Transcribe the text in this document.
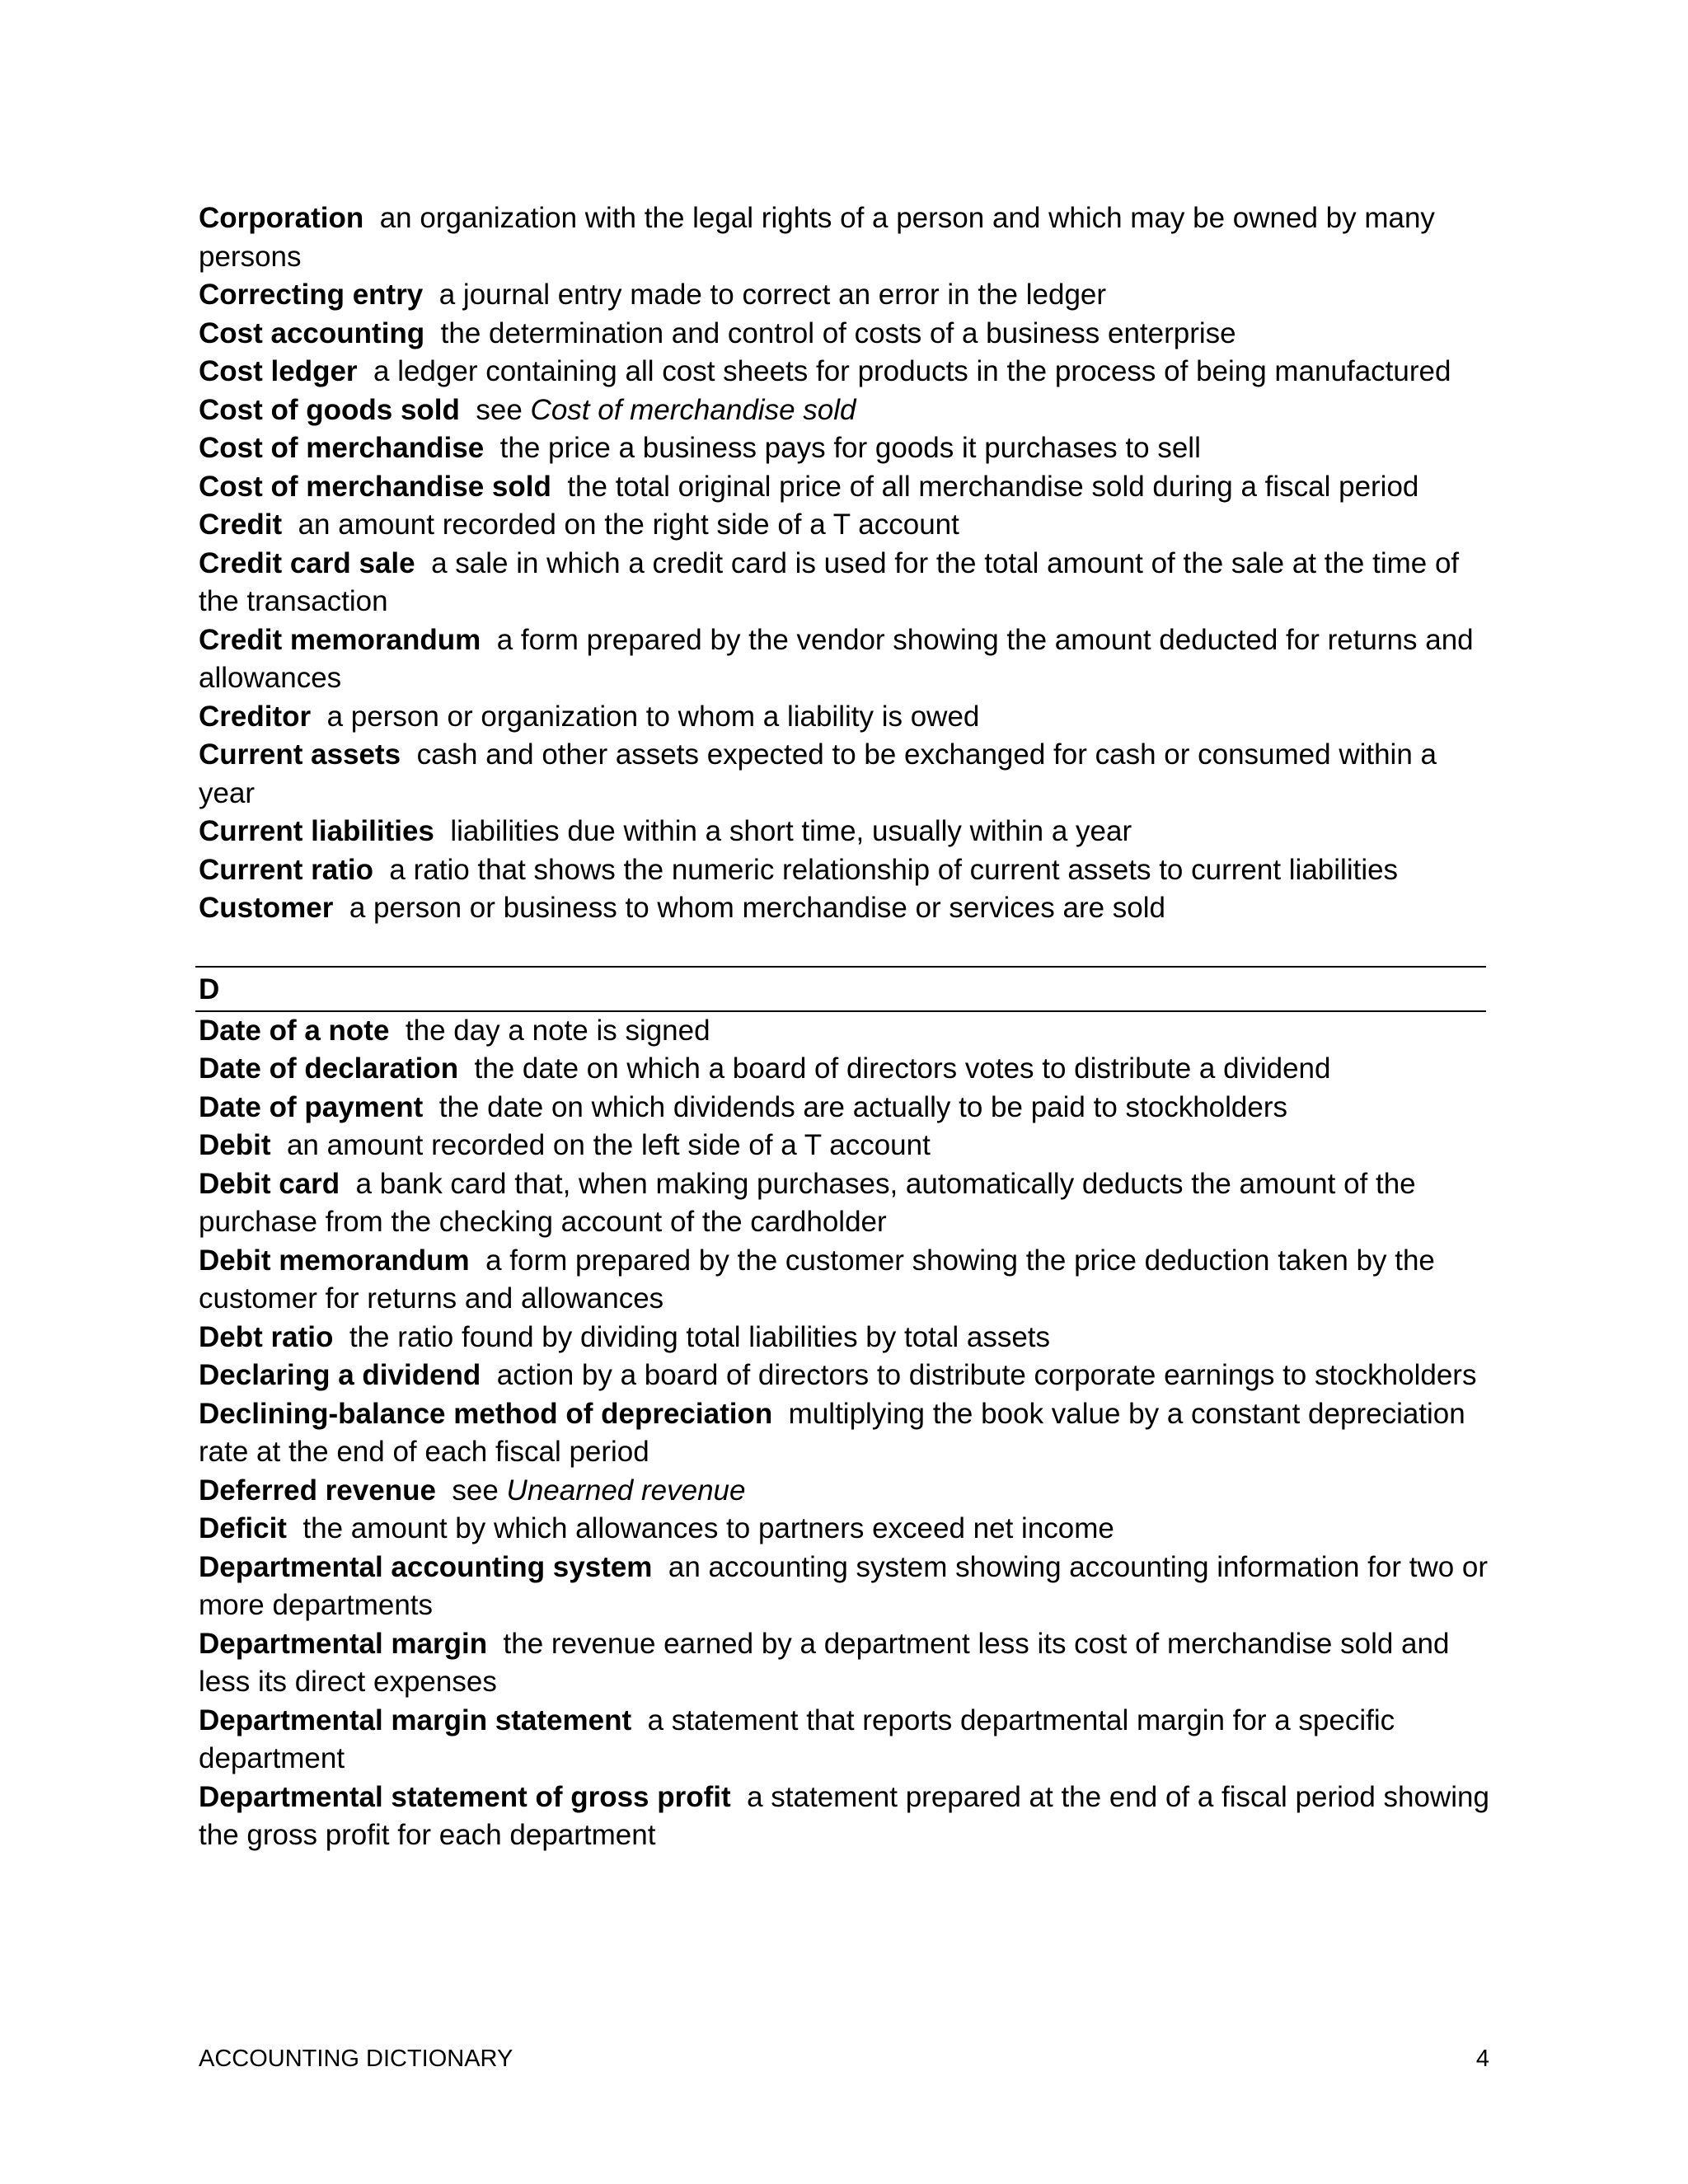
Corporation an organization with the legal rights of a person and which may be owned by many persons

Correcting entry a journal entry made to correct an error in the ledger

Cost accounting the determination and control of costs of a business enterprise

Cost ledger a ledger containing all cost sheets for products in the process of being manufactured

Cost of goods sold see Cost of merchandise sold

Cost of merchandise the price a business pays for goods it purchases to sell

Cost of merchandise sold the total original price of all merchandise sold during a fiscal period

Credit an amount recorded on the right side of a T account

Credit card sale a sale in which a credit card is used for the total amount of the sale at the time of the transaction

Credit memorandum a form prepared by the vendor showing the amount deducted for returns and allowances

Creditor a person or organization to whom a liability is owed

Current assets cash and other assets expected to be exchanged for cash or consumed within a year

Current liabilities liabilities due within a short time, usually within a year

Current ratio a ratio that shows the numeric relationship of current assets to current liabilities

Customer a person or business to whom merchandise or services are sold

D

Date of a note the day a note is signed

Date of declaration the date on which a board of directors votes to distribute a dividend

Date of payment the date on which dividends are actually to be paid to stockholders

Debit an amount recorded on the left side of a T account

Debit card a bank card that, when making purchases, automatically deducts the amount of the purchase from the checking account of the cardholder

Debit memorandum a form prepared by the customer showing the price deduction taken by the customer for returns and allowances

Debt ratio the ratio found by dividing total liabilities by total assets

Declaring a dividend action by a board of directors to distribute corporate earnings to stockholders

Declining-balance method of depreciation multiplying the book value by a constant depreciation rate at the end of each fiscal period

Deferred revenue see Unearned revenue

Deficit the amount by which allowances to partners exceed net income

Departmental accounting system an accounting system showing accounting information for two or more departments

Departmental margin the revenue earned by a department less its cost of merchandise sold and less its direct expenses

Departmental margin statement a statement that reports departmental margin for a specific department

Departmental statement of gross profit a statement prepared at the end of a fiscal period showing the gross profit for each department

ACCOUNTING DICTIONARY	4
